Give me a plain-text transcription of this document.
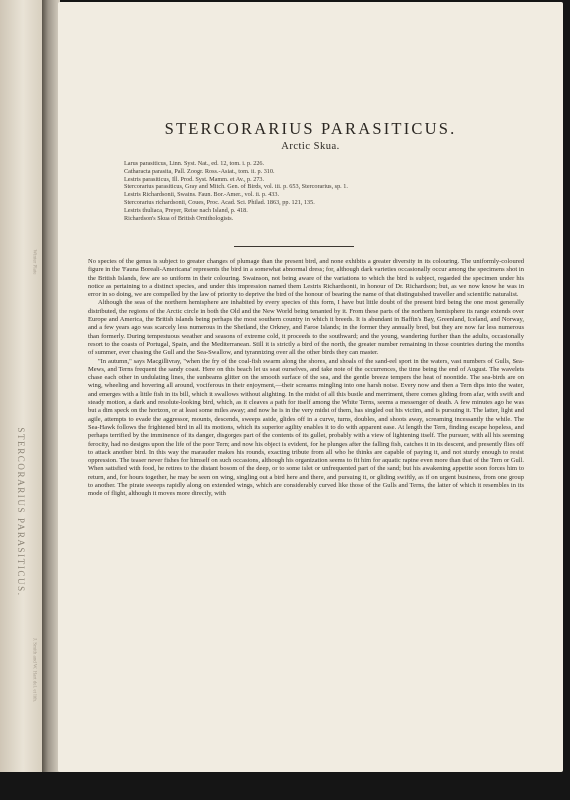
Winter Plate
STERCORARIUS PARASITICUS.
J. Smith and W. Hart del. et lith.
STERCORARIUS PARASITICUS.
Arctic Skua.
Larus parasiticus, Linn. Syst. Nat., ed. 12, tom. i. p. 226.
Catharacta parasita, Pall. Zoogr. Ross.-Asiat., tom. ii. p. 310.
Lestris parasiticus, Ill. Prod. Syst. Mamm. et Av., p. 273.
Stercorarius parasiticus, Gray and Mitch. Gen. of Birds, vol. iii. p. 653, Stercorarius, sp. 1.
Lestris Richardsonii, Swains. Faun. Bor.-Amer., vol. ii. p. 433.
Stercorarius richardsonii, Coues, Proc. Acad. Sci. Philad. 1863, pp. 121, 135.
Lestris thuliaca, Preyer, Reise nach Island, p. 418.
Richardson's Skua of British Ornithologists.

No species of the genus is subject to greater changes of plumage than the present bird, and none exhibits a greater diversity in its colouring. The uniformly-coloured figure in the 'Fauna Boreali-Americana' represents the bird in a somewhat abnormal dress; for, although dark varieties occasionally occur among the specimens shot in the British Islands, few are so uniform in their colouring. Swainson, not being aware of the variations to which the bird is subject, regarded the specimen under his notice as pertaining to a distinct species, and under this impression named them Lestris Richardsonii, in honour of Dr. Richardson; but, as we now know he was in error in so doing, we are compelled by the law of priority to deprive the bird of the honour of bearing the name of that distinguished traveller and scientific naturalist.

Although the seas of the northern hemisphere are inhabited by every species of this form, I have but little doubt of the present bird being the one most generally distributed, the regions of the Arctic circle in both the Old and the New World being tenanted by it. From these parts of the northern hemisphere its range extends over Europe and America, the British islands being perhaps the most southern country in which it breeds. It is abundant in Baffin's Bay, Greenland, Iceland, and Norway, and a few years ago was scarcely less numerous in the Shetland, the Orkney, and Faroe Islands; in the former they annually bred, but they are now far less numerous than formerly. During tempestuous weather and seasons of extreme cold, it proceeds to the southward; and the young, wandering further than the adults, occasionally resort to the coasts of Portugal, Spain, and the Mediterranean. Still it is strictly a bird of the north, the greater number remaining in those countries during the months of summer, ever chasing the Gull and the Sea-Swallow, and tyrannizing over all the other birds they can master.

"In autumn," says Macgillivray, "when the fry of the coal-fish swarm along the shores, and shoals of the sand-eel sport in the waters, vast numbers of Gulls, Sea-Mews, and Terns frequent the sandy coast. Here on this beach let us seat ourselves, and take note of the occurrences, the time being the end of August. The wavelets chase each other in undulating lines, the sunbeams glitter on the smooth surface of the sea, and the gentle breeze tempers the heat of noontide. The sea-birds are on wing, wheeling and hovering all around, vociferous in their enjoyment,—their screams mingling into one harsh noise. Every now and then a Tern dips into the water, and emerges with a little fish in its bill, which it swallows without alighting. In the midst of all this bustle and merriment, there comes gliding from afar, with swift and steady motion, a dark and resolute-looking bird, which, as it cleaves a path for itself among the White Terns, seems a messenger of death. A few minutes ago he was but a dim speck on the horizon, or at least some miles away; and now he is in the very midst of them, has singled out his victim, and is pursuing it. The latter, light and agile, attempts to evade the aggressor, mounts, descends, sweeps aside, glides off in a curve, turns, doubles, and shoots away, screaming incessantly the while. The Sea-Hawk follows the frightened bird in all its motions, which its superior agility enables it to do with apparent ease. At length the Tern, finding escape hopeless, and perhaps terrified by the imminence of its danger, disgorges part of the contents of its gullet, probably with a view of lightening itself. The pursuer, with all his seeming ferocity, had no designs upon the life of the poor Tern; and now his object is evident, for he plunges after the falling fish, catches it in its descent, and presently flies off to attack another bird. In this way the marauder makes his rounds, exacting tribute from all who he thinks are capable of paying it, and not sturdy enough to resist oppression. The teaser never fishes for himself on such occasions, although his organization seems to fit him for aquatic rapine even more than that of the Tern or Gull. When satisfied with food, he retires to the distant bosom of the deep, or to some islet or unfrequented part of the sand; but his awakening appetite soon forces him to return, and, for hours together, he may be seen on wing, singling out a bird here and there, and pursuing it, or gliding swiftly, as if on urgent business, from one group to another. The pirate sweeps rapidly along on extended wings, which are considerably curved like those of the Gulls and Terns, the latter of which it resembles in its mode of flight, although it moves more directly, with
